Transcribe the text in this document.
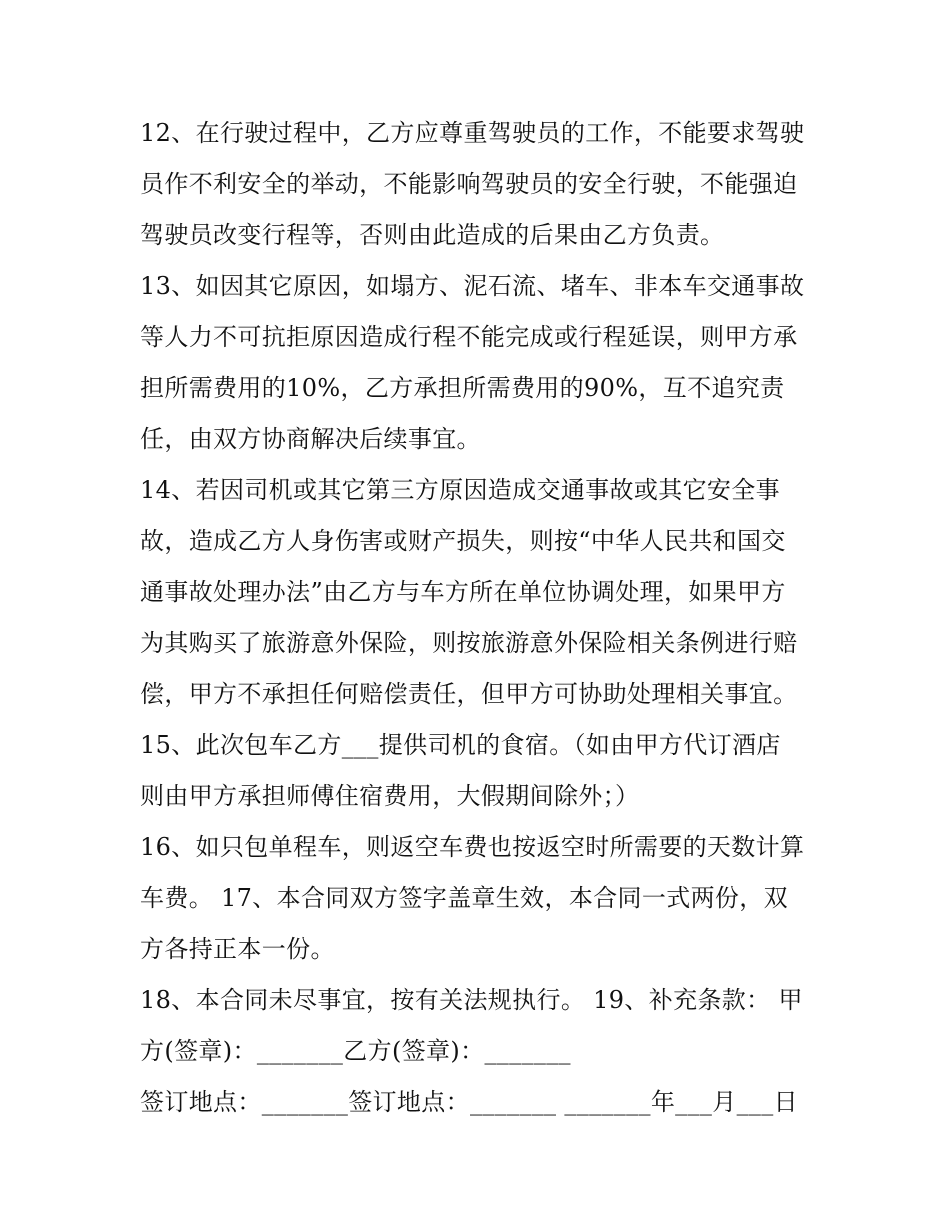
12、在行驶过程中，乙方应尊重驾驶员的工作，不能要求驾驶
员作不利安全的举动，不能影响驾驶员的安全行驶，不能强迫
驾驶员改变行程等，否则由此造成的后果由乙方负责。
13、如因其它原因，如塌方、泥石流、堵车、非本车交通事故
等人力不可抗拒原因造成行程不能完成或行程延误，则甲方承
担所需费用的10%，乙方承担所需费用的90%，互不追究责
任，由双方协商解决后续事宜。
14、若因司机或其它第三方原因造成交通事故或其它安全事
故，造成乙方人身伤害或财产损失，则按“中华人民共和国交
通事故处理办法”由乙方与车方所在单位协调处理，如果甲方
为其购买了旅游意外保险，则按旅游意外保险相关条例进行赔
偿，甲方不承担任何赔偿责任，但甲方可协助处理相关事宜。
15、此次包车乙方___提供司机的食宿。（如由甲方代订酒店
则由甲方承担师傅住宿费用，大假期间除外；）
16、如只包单程车，则返空车费也按返空时所需要的天数计算
车费。 17、本合同双方签字盖章生效，本合同一式两份，双
方各持正本一份。
18、本合同未尽事宜，按有关法规执行。 19、补充条款： 甲
方(签章)：_______乙方(签章)：_______
签订地点：_______签订地点：_______ _______年___月___日
